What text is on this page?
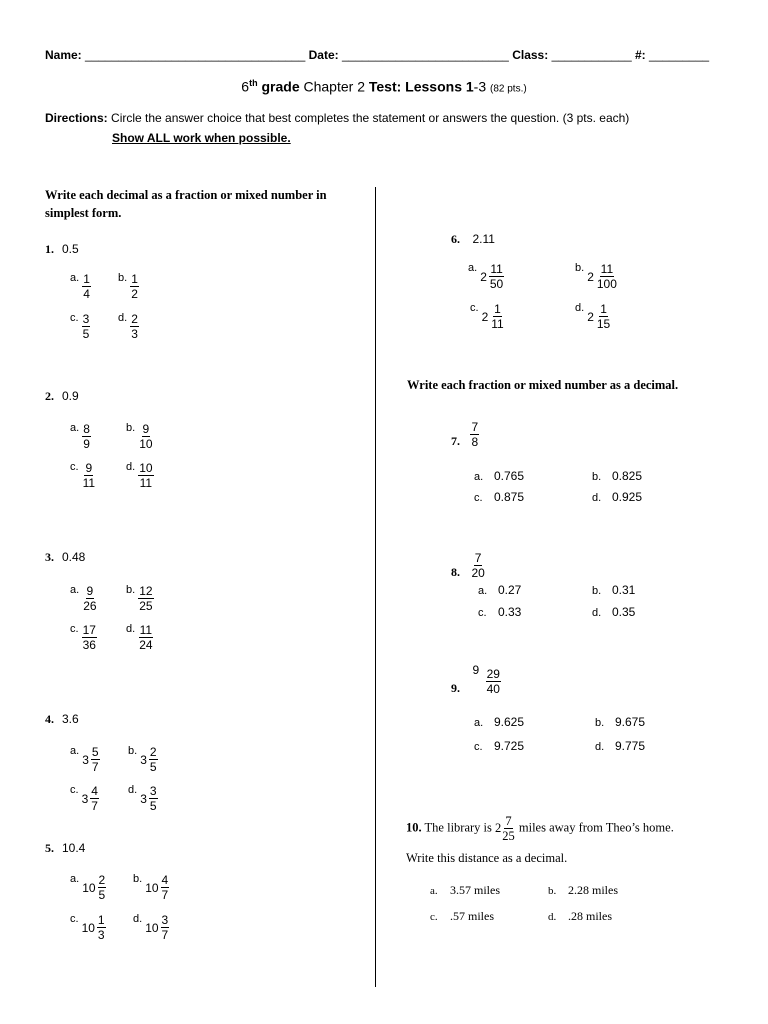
Name: _________________________________ Date: _________________________ Class: ____________ #: _________
6th grade Chapter 2 Test: Lessons 1-3 (82 pts.)
Directions: Circle the answer choice that best completes the statement or answers the question. (3 pts. each)
Show ALL work when possible.
Write each decimal as a fraction or mixed number in
simplest form.
1. 0.5
a. $\frac{1}{4} b$. $\frac{1}{2}$
c. $\frac{3}{5}$	d. $\frac{2}{3}$
2. 0.9
a. $\frac{8}{9}$	b. $\frac{9}{10}$
c. $\frac{9}{11}$	d. $\frac{10}{11}$
3. 0.48
a. $\frac{9}{26}$	b. $\frac{12}{25}$
c. $\frac{17}{36}$	d. $\frac{11}{24}$
4. 3.6
$a.3 \frac{5}{7}$	$b.3 \frac{2}{5}$
$c.3 \frac{4}{7}$	$d.3 \frac{3}{5}$
5. 10.4
$a.10 \frac{2}{5} b.10 \frac{4}{7}$
$c.10 \frac{1}{3} d.10 \frac{3}{7}$
6. 2.11
$a.2 \frac{11}{50}$	$b.2 \frac{11}{100}$
$c.2 \frac{1}{11}$	$d.2 \frac{1}{15}$
Write each fraction or mixed number as a decimal.
7. $\frac{7}{8}$
8. $\frac{7}{20}$
9. $9 \frac{29}{40}$
10. The library is $2 \frac{7}{25}$ miles away from Theo’s home.
Write this distance as a decimal.
a. 0.765	b. 0.825
c. 0.875	d. 0.925
a. 0.27	b. 0.31
c. 0.33	d. 0.35
a. 9.625	b. 9.675
c. 9.725	d. 9.775
a. 3.57 miles	b. 2.28 miles
c. .57 miles	d. .28 miles
